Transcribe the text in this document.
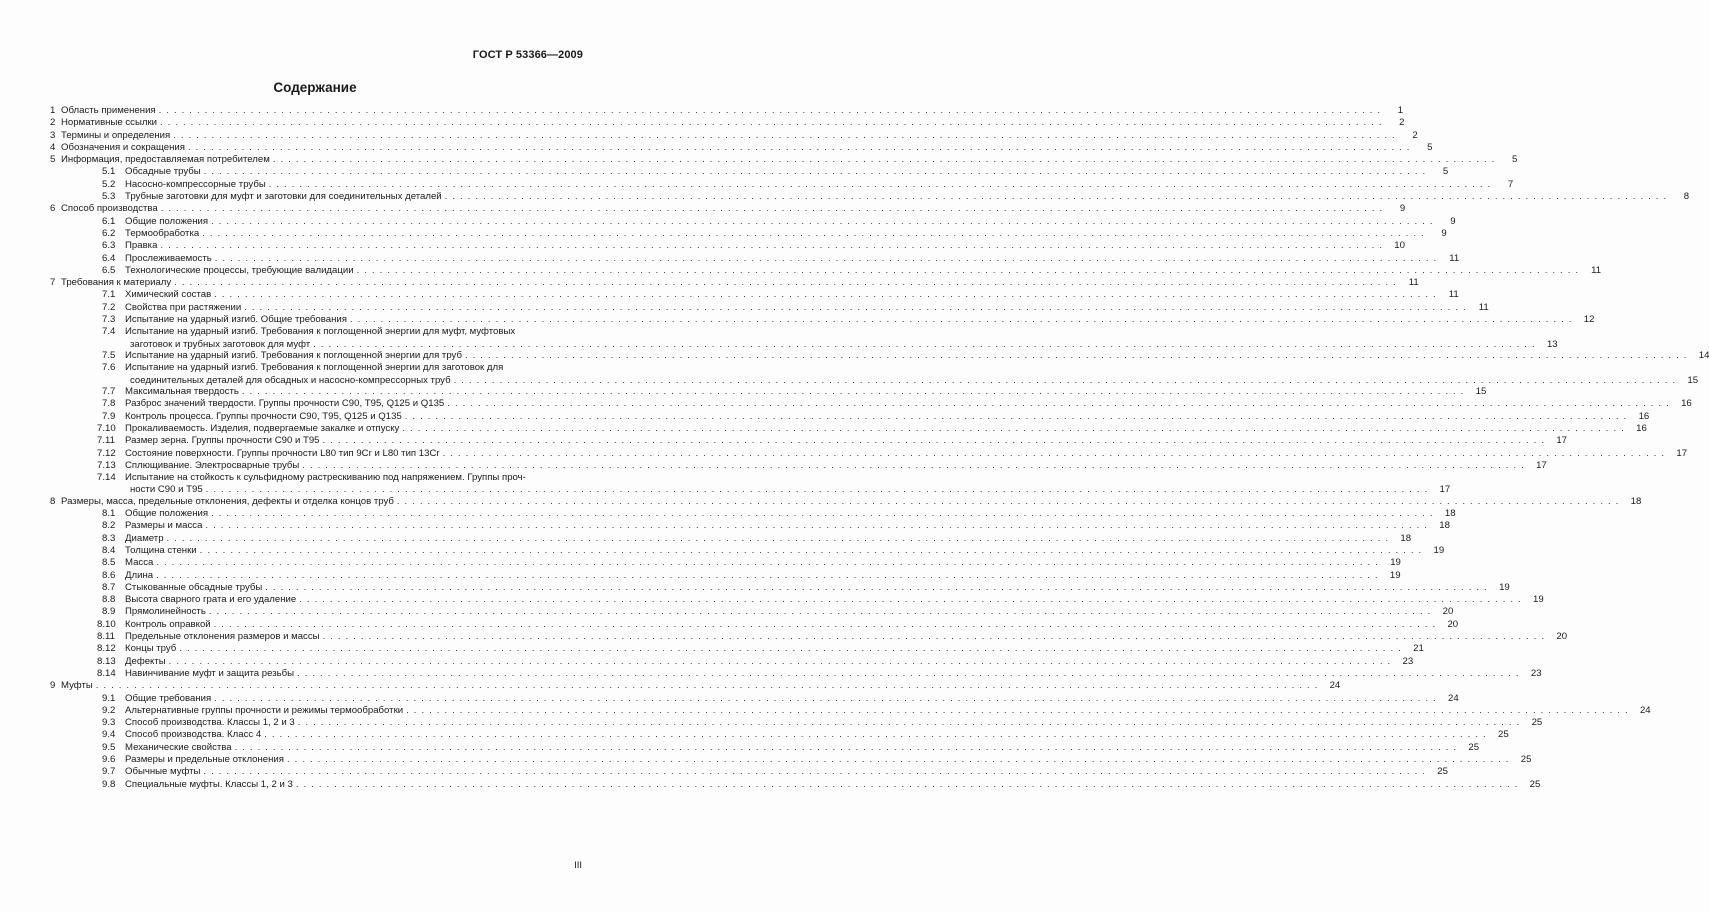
ГОСТ Р 53366—2009
Содержание
1 Область применения ................................................................................................................................................................	1
2 Нормативные ссылки ................................................................................................................................................................	2
3 Термины и определения ................................................................................................................................................................	2
4 Обозначения и сокращения ................................................................................................................................................................	5
5 Информация, предоставляемая потребителем ................................................................................................................................................................	5
5.1 Обсадные трубы ................................................................................................................................................................	5
5.2 Насосно-компрессорные трубы ................................................................................................................................................................	7
5.3 Трубные заготовки для муфт и заготовки для соединительных деталей ................................................................................................................................................................	8
6 Способ производства ................................................................................................................................................................	9
6.1 Общие положения ................................................................................................................................................................	9
6.2 Термообработка ................................................................................................................................................................	9
6.3 Правка ................................................................................................................................................................ 10
6.4 Прослеживаемость ................................................................................................................................................................ 11
6.5 Технологические процессы, требующие валидации ................................................................................................................................................................ 11
7 Требования к материалу ................................................................................................................................................................ 11
7.1 Химический состав ................................................................................................................................................................ 11
7.2 Свойства при растяжении ................................................................................................................................................................ 11
7.3 Испытание на ударный изгиб. Общие требования ................................................................................................................................................................ 12
7.4 Испытание на ударный изгиб. Требования к поглощенной энергии для муфт, муфтовых
заготовок и трубных заготовок для муфт ................................................................................................................................................................ 13
7.5 Испытание на ударный изгиб. Требования к поглощенной энергии для труб ................................................................................................................................................................ 14
7.6 Испытание на ударный изгиб. Требования к поглощенной энергии для заготовок для
соединительных деталей для обсадных и насосно-компрессорных труб ................................................................................................................................................................ 15
7.7 Максимальная твердость ................................................................................................................................................................ 15
7.8 Разброс значений твердости. Группы прочности С90, Т95, Q125 и Q135 ................................................................................................................................................................ 16
7.9 Контроль процесса. Группы прочности С90, Т95, Q125 и Q135 ................................................................................................................................................................ 16
7.10 Прокаливаемость. Изделия, подвергаемые закалке и отпуску ................................................................................................................................................................ 16
7.11 Размер зерна. Группы прочности С90 и Т95 ................................................................................................................................................................ 17
7.12 Состояние поверхности. Группы прочности L80 тип 9Cr и L80 тип 13Cr ................................................................................................................................................................ 17
7.13 Сплющивание. Электросварные трубы ................................................................................................................................................................ 17
7.14 Испытание на стойкость к сульфидному растрескиванию под напряжением. Группы проч-
ности С90 и Т95 ................................................................................................................................................................ 17
8 Размеры, масса, предельные отклонения, дефекты и отделка концов труб ................................................................................................................................................................ 18
8.1 Общие положения ................................................................................................................................................................ 18
8.2 Размеры и масса ................................................................................................................................................................ 18
8.3 Диаметр ................................................................................................................................................................ 18
8.4 Толщина стенки ................................................................................................................................................................ 19
8.5 Масса ................................................................................................................................................................ 19
8.6 Длина ................................................................................................................................................................ 19
8.7 Стыкованные обсадные трубы ................................................................................................................................................................ 19
8.8 Высота сварного грата и его удаление ................................................................................................................................................................ 19
8.9 Прямолинейность ................................................................................................................................................................ 20
8.10 Контроль оправкой ................................................................................................................................................................ 20
8.11 Предельные отклонения размеров и массы ................................................................................................................................................................ 20
8.12 Концы труб ................................................................................................................................................................ 21
8.13 Дефекты ................................................................................................................................................................ 23
8.14 Навинчивание муфт и защита резьбы ................................................................................................................................................................ 23
9 Муфты ................................................................................................................................................................ 24
9.1 Общие требования ................................................................................................................................................................ 24
9.2 Альтернативные группы прочности и режимы термообработки ................................................................................................................................................................ 24
9.3 Способ производства. Классы 1, 2 и 3 ................................................................................................................................................................ 25
9.4 Способ производства. Класс 4 ................................................................................................................................................................ 25
9.5 Механические свойства ................................................................................................................................................................ 25
9.6 Размеры и предельные отклонения ................................................................................................................................................................ 25
9.7 Обычные муфты ................................................................................................................................................................ 25
9.8 Специальные муфты. Классы 1, 2 и 3 ................................................................................................................................................................ 25
III
